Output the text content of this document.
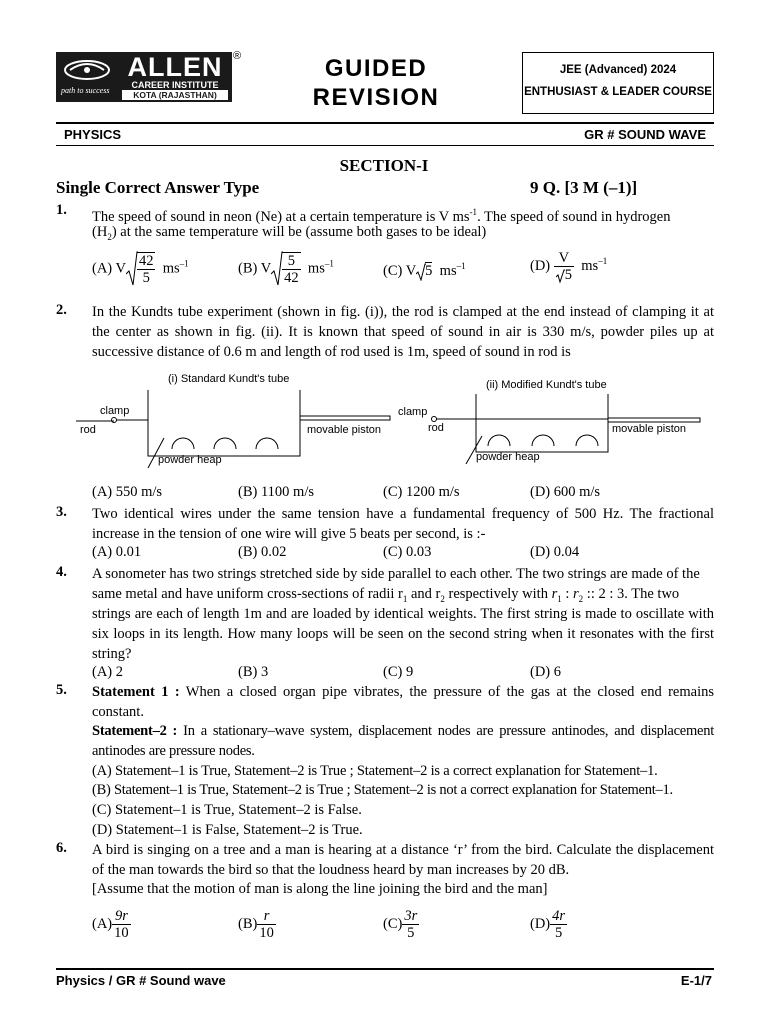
ALLEN
CAREER INSTITUTE
KOTA (RAJASTHAN)
path to success
®	GUIDED
REVISION
JEE (Advanced) 2024
ENTHUSIAST & LEADER COURSE
PHYSICS	GR # SOUND WAVE
SECTION-I
Single Correct Answer Type	9 Q. [3 M (–1)]
1. The speed of sound in neon (Ne) at a certain temperature is V $ms^{-1}$. The speed of sound in hydrogen
$(H_2)$ at the same temperature will be (assume both gases to be ideal)
(A) V $\frac{42}{5} ms^{-1}$	(B) V $\frac{5}{42} ms^{-1}$	(C) V 5 $ms^{-1}$	$(D) \frac{V}{5} ms^{-1}$
2. In the Kundts tube experiment (shown in fig. (i)), the rod is clamped at the end instead of clamping it at the center as shown in fig. (ii). It is known that speed of sound in air is 330 m/s, powder piles up at successive distance of 0.6 m and length of rod used is 1m, speed of sound in rod is
(i) Standard Kundt's tube
clamp
rod	movable piston
powder heap
(ii) Modified Kundt's tube
clamp
rod	movable piston
powder heap
(A) 550 m/s	(B) 1100 m/s	(C) 1200 m/s	(D) 600 m/s
3. Two identical wires under the same tension have a fundamental frequency of 500 Hz. The fractional increase in the tension of one wire will give 5 beats per second, is :-
(A) 0.01	(B) 0.02	(C) 0.03	(D) 0.04
4. A sonometer has two strings stretched side by side parallel to each other. The two strings are made of the
same metal and have uniform cross-sections of radii $r_1$ and $r_2$ respectively with $r_1$ : $r_2$ :: 2 : 3. The two
strings are each of length 1m and are loaded by identical weights. The first string is made to oscillate with six loops in its length. How many loops will be seen on the second string when it resonates with the first string?
(A) 2	(B) 3	(C) 9	(D) 6
5. Statement 1 : When a closed organ pipe vibrates, the pressure of the gas at the closed end remains constant.
Statement–2 : In a stationary–wave system, displacement nodes are pressure antinodes, and displacement antinodes are pressure nodes.
(A) Statement–1 is True, Statement–2 is True ; Statement–2 is a correct explanation for Statement–1.
(B) Statement–1 is True, Statement–2 is True ; Statement–2 is not a correct explanation for Statement–1.
(C) Statement–1 is True, Statement–2 is False.
(D) Statement–1 is False, Statement–2 is True.
6. A bird is singing on a tree and a man is hearing at a distance ‘r’ from the bird. Calculate the displacement of the man towards the bird so that the loudness heard by man increases by 20 dB.
[Assume that the motion of man is along the line joining the bird and the man]
$(A) \frac{9r}{10}$	$(B) \frac{r}{10}$	$(C) \frac{3r}{5}$	$(D) \frac{4r}{5}$
Physics / GR # Sound wave	E-1/7
